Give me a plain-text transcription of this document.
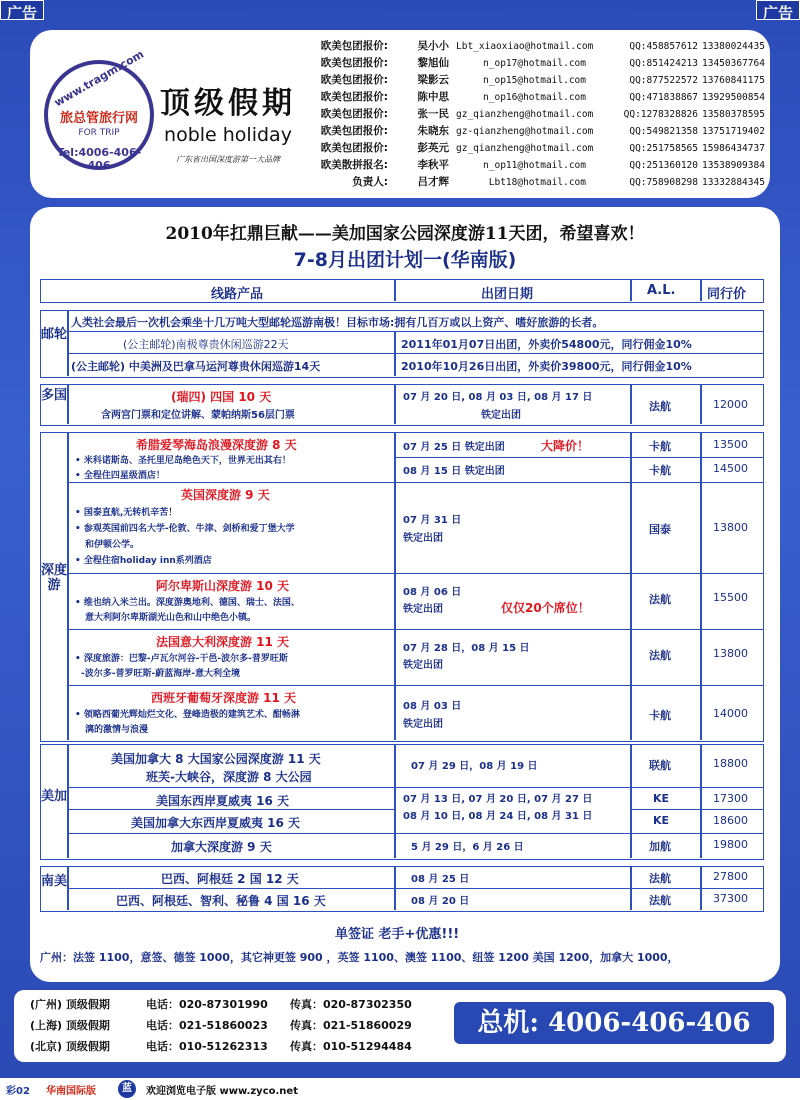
广告	广告
www.tragm.com
旅总管旅行网
FOR TRIP
Tel:4006-406-406
顶级假期
noble holiday
广东省出国深度游第一大品牌
欧美包团报价:	吴小小 Lbt_xiaoxiao@hotmail.com	QQ:458857612 13380024435
欧美包团报价:	黎旭仙	n_op17@hotmail.com	QQ:851424213 13450367764
欧美包团报价:	梁影云	n_op15@hotmail.com	QQ:877522572 13760841175
欧美包团报价:	陈中思	n_op16@hotmail.com	QQ:471838867 13929500854
欧美包团报价:	张一民 gz_qianzheng@hotmail.com	QQ:1278328826 13580378595
欧美包团报价:	朱晓东 gz-qianzheng@hotmail.com	QQ:549821358 13751719402
欧美包团报价:	彭英元 gz_qianzheng@hotmail.com	QQ:251758565 15986434737
欧美散拼报名:	李秋平	n_op11@hotmail.com	QQ:251360120 13538909384
负责人:	吕才辉	Lbt18@hotmail.com	QQ:758908298 13332884345
2010年扛鼎巨献——美加国家公园深度游11天团，希望喜欢！
7-8月出团计划一(华南版)
线路产品	出团日期	A.L. 同行价
邮轮
人类社会最后一次机会乘坐十几万吨大型邮轮巡游南极！目标市场:拥有几百万或以上资产、嗜好旅游的长者。
(公主邮轮)南极尊贵休闲巡游22天	2011年01月07日出团，外卖价54800元，同行佣金10%
(公主邮轮) 中美洲及巴拿马运河尊贵休闲巡游14天	2010年10月26日出团，外卖价39800元，同行佣金10%
多国	(瑞四) 四国 10 天
含两宫门票和定位讲解、蒙帕纳斯56层门票
07 月 20 日, 08 月 03 日, 08 月 17 日
铁定出团
法航	12000
深度游
希腊爱琴海岛浪漫深度游 8 天
• 米科诺斯岛、圣托里尼岛绝色天下，世界无出其右！
• 全程住四星级酒店！
07 月 25 日 铁定出团	大降价！	卡航	13500
08 月 15 日 铁定出团	卡航	14500
英国深度游 9 天
• 国泰直航,无转机辛苦！
• 参观英国前四名大学-伦敦、牛津、剑桥和爱丁堡大学
和伊顿公学。
• 全程住宿holiday inn系列酒店
07 月 31 日
铁定出团
国泰	13800
阿尔卑斯山深度游 10 天
• 维也纳入米兰出。深度游奥地利、德国、瑞士、法国、
意大利阿尔卑斯湖光山色和山中绝色小镇。
08 月 06 日
铁定出团	仅仅20个席位！
法航	15500
法国意大利深度游 11 天
• 深度旅游：巴黎-卢瓦尔河谷-干邑-波尔多-普罗旺斯
-波尔多-普罗旺斯-蔚蓝海岸-意大利全境
07 月 28 日，08 月 15 日
铁定出团
法航	13800
西班牙葡萄牙深度游 11 天
• 领略西葡光辉灿烂文化、登峰造极的建筑艺术、酣畅淋
漓的激情与浪漫
08 月 03 日
铁定出团
卡航	14000
美加
美国加拿大 8 大国家公园深度游 11 天
班芙-大峡谷，深度游 8 大公园
07 月 29 日，08 月 19 日	联航	18800
美国东西岸夏威夷 16 天	07 月 13 日, 07 月 20 日, 07 月 27 日	KE	17300
美国加拿大东西岸夏威夷 16 天	08 月 10 日, 08 月 24 日, 08 月 31 日	KE	18600
加拿大深度游 9 天	5 月 29 日，6 月 26 日	加航	19800
南美	巴西、阿根廷 2 国 12 天	08 月 25 日	法航	27800
巴西、阿根廷、智利、秘鲁 4 国 16 天	08 月 20 日	法航	37300
单签证 老手+优惠!!!
广州：法签 1100，意签、德签 1000，其它神更签 900 ，英签 1100、澳签 1100、纽签 1200 美国 1200，加拿大 1000，
(广州) 顶级假期	电话：020-87301990 传真：020-87302350
(上海) 顶级假期	电话：021-51860023 传真：021-51860029
(北京) 顶级假期	电话：010-51262313 传真：010-51294484
总机: 4006-406-406
彩02 华南国际版	蓝	欢迎浏览电子版 www.zyco.net
